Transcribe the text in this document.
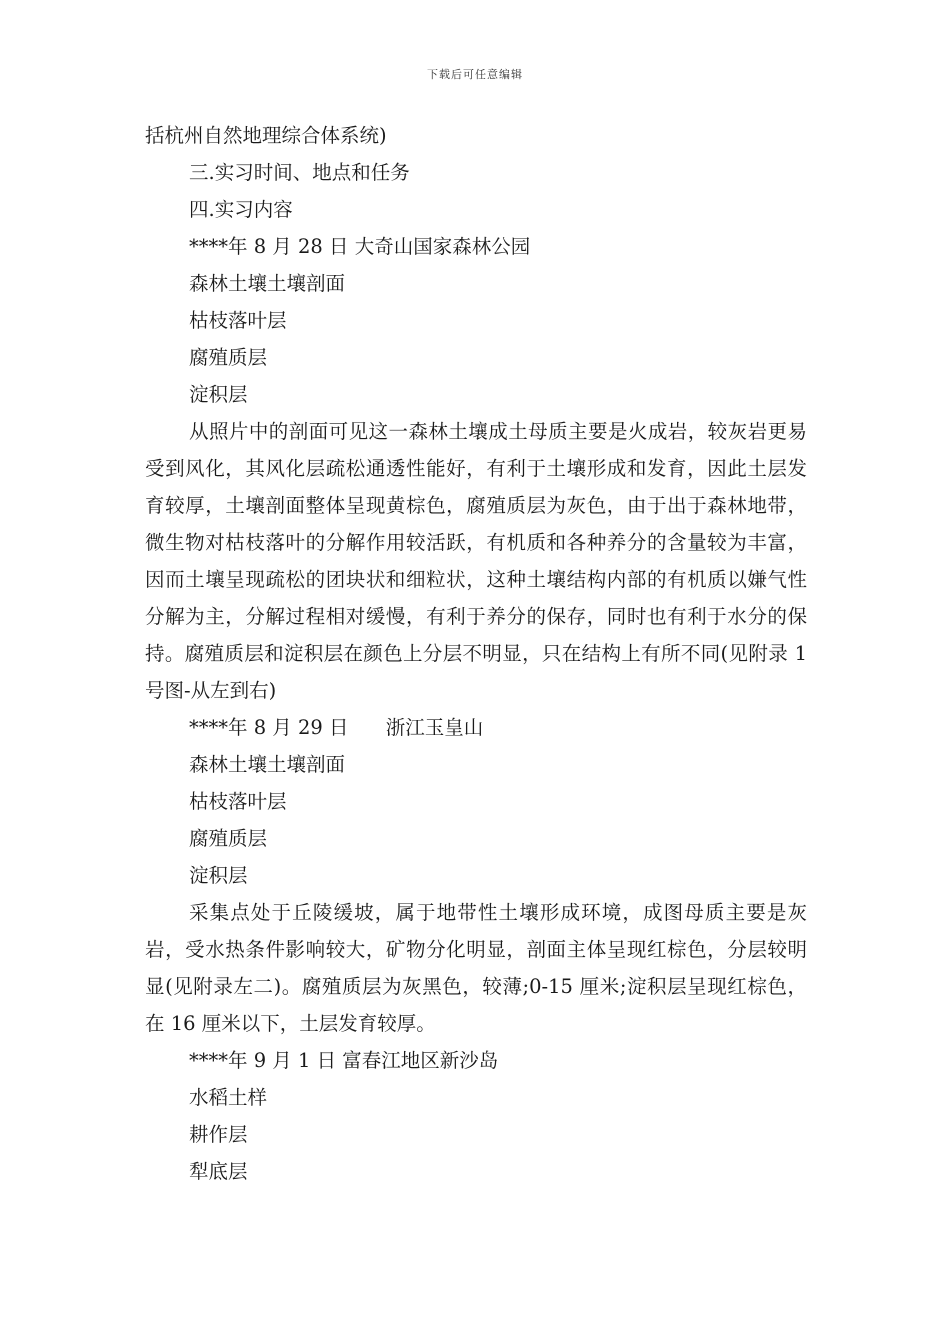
下载后可任意编辑

括杭州自然地理综合体系统)

三.实习时间、地点和任务

四.实习内容

****年 8 月 28 日 大奇山国家森林公园

森林土壤土壤剖面

枯枝落叶层

腐殖质层

淀积层

从照片中的剖面可见这一森林土壤成土母质主要是火成岩，较灰岩更易受到风化，其风化层疏松通透性能好，有利于土壤形成和发育，因此土层发育较厚，土壤剖面整体呈现黄棕色，腐殖质层为灰色，由于出于森林地带，微生物对枯枝落叶的分解作用较活跃，有机质和各种养分的含量较为丰富，因而土壤呈现疏松的团块状和细粒状，这种土壤结构内部的有机质以嫌气性分解为主，分解过程相对缓慢，有利于养分的保存，同时也有利于水分的保持。腐殖质层和淀积层在颜色上分层不明显，只在结构上有所不同(见附录 1 号图-从左到右)

****年 8 月 29 日      浙江玉皇山

森林土壤土壤剖面

枯枝落叶层

腐殖质层

淀积层

采集点处于丘陵缓坡，属于地带性土壤形成环境，成图母质主要是灰岩，受水热条件影响较大，矿物分化明显，剖面主体呈现红棕色，分层较明显(见附录左二)。腐殖质层为灰黑色，较薄;0-15 厘米;淀积层呈现红棕色，在 16 厘米以下，土层发育较厚。

****年 9 月 1 日 富春江地区新沙岛

水稻土样

耕作层

犁底层
